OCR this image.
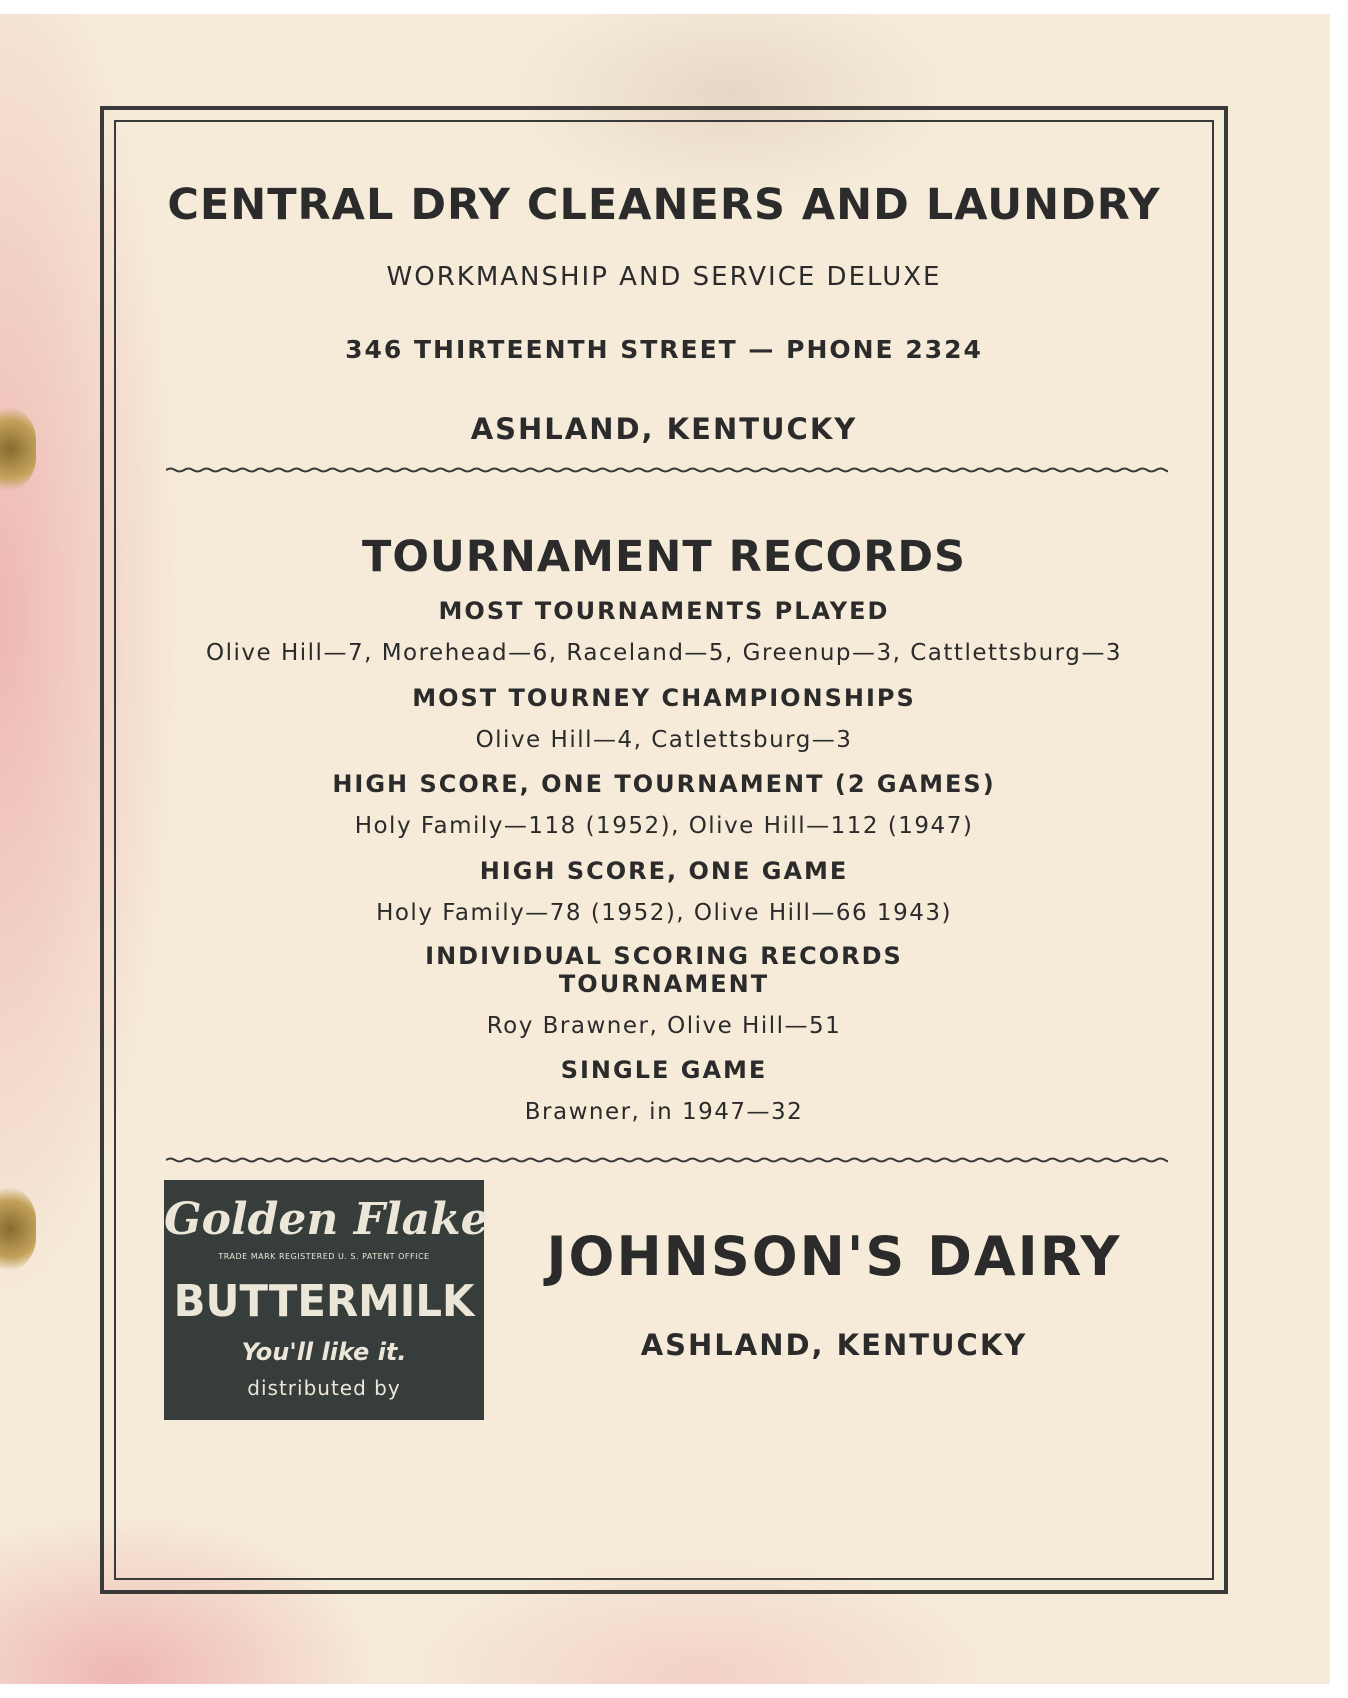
CENTRAL DRY CLEANERS AND LAUNDRY
WORKMANSHIP AND SERVICE DELUXE
346 THIRTEENTH STREET — PHONE 2324
ASHLAND, KENTUCKY
TOURNAMENT RECORDS
MOST TOURNAMENTS PLAYED
Olive Hill—7, Morehead—6, Raceland—5, Greenup—3, Cattlettsburg—3
MOST TOURNEY CHAMPIONSHIPS
Olive Hill—4, Catlettsburg—3
HIGH SCORE, ONE TOURNAMENT (2 GAMES)
Holy Family—118 (1952), Olive Hill—112 (1947)
HIGH SCORE, ONE GAME
Holy Family—78 (1952), Olive Hill—66 1943)
INDIVIDUAL SCORING RECORDS
TOURNAMENT
Roy Brawner, Olive Hill—51
SINGLE GAME
Brawner, in 1947—32
Golden Flake
TRADE MARK REGISTERED U. S. PATENT OFFICE
BUTTERMILK
You'll like it.
distributed by
JOHNSON'S DAIRY
ASHLAND, KENTUCKY
